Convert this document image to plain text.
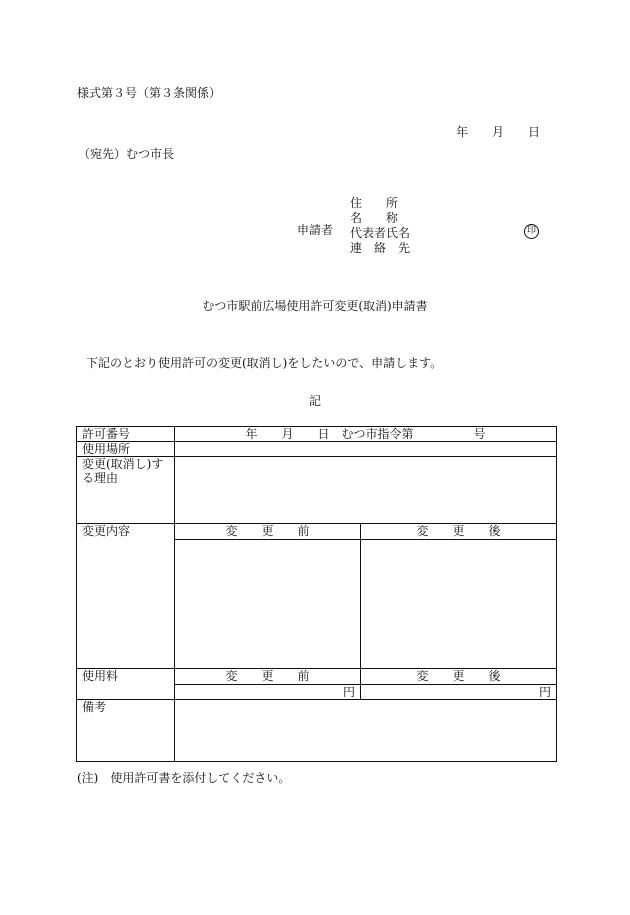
様式第３号（第３条関係）
年　　月　　日
（宛先）むつ市長
申請者
住　　所
名　　称
代表者氏名
連　絡　先
印
むつ市駅前広場使用許可変更(取消)申請書
下記のとおり使用許可の変更(取消し)をしたいので、申請します。
記
許可番号	年　　月　　日　むつ市指令第　　　　　号	
使用場所		
変更(取消し)する理由		
変更内容	変　　更　　前	変　　更　　後

使用料	変　　更　　前	変　　更　　後
	円	円
備考		
(注)　使用許可書を添付してください。
